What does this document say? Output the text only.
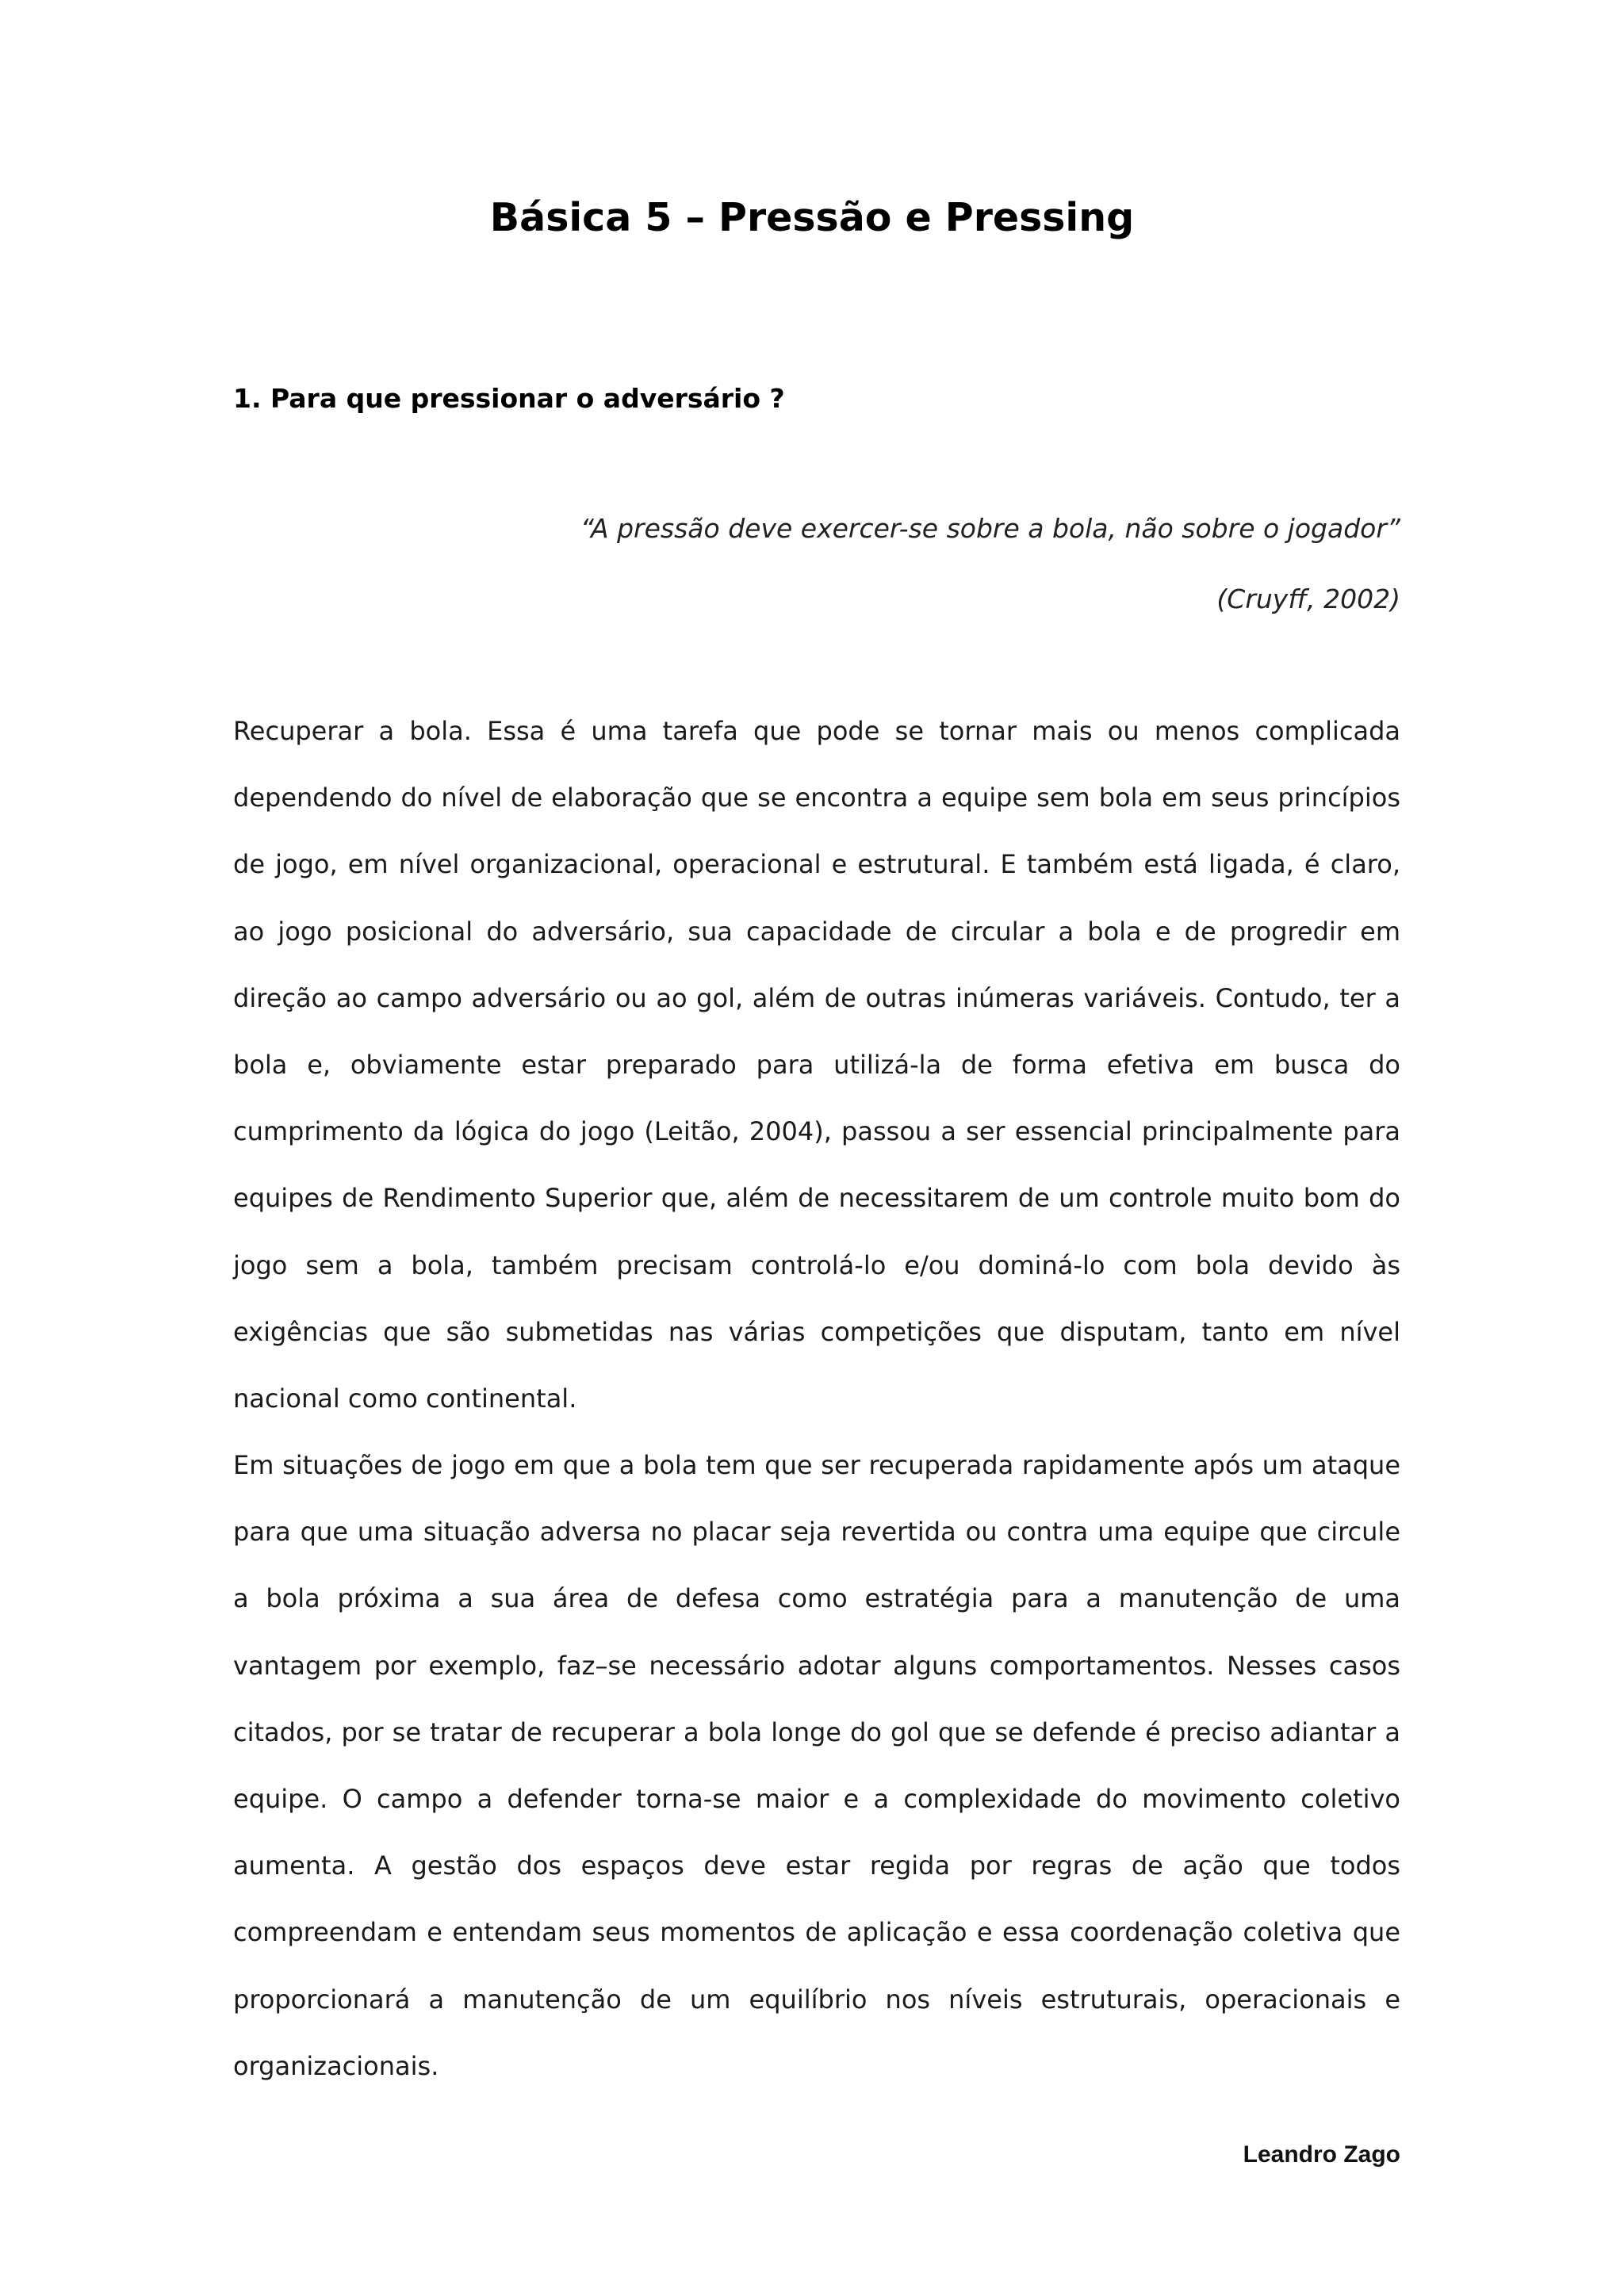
Básica 5 – Pressão e Pressing
1. Para que pressionar o adversário ?

“A pressão deve exercer-se sobre a bola, não sobre o jogador”

(Cruyff, 2002)

Recuperar a bola. Essa é uma tarefa que pode se tornar mais ou menos complicada dependendo do nível de elaboração que se encontra a equipe sem bola em seus princípios de jogo, em nível organizacional, operacional e estrutural. E também está ligada, é claro, ao jogo posicional do adversário, sua capacidade de circular a bola e de progredir em direção ao campo adversário ou ao gol, além de outras inúmeras variáveis. Contudo, ter a bola e, obviamente estar preparado para utilizá-la de forma efetiva em busca do cumprimento da lógica do jogo (Leitão, 2004), passou a ser essencial principalmente para equipes de Rendimento Superior que, além de necessitarem de um controle muito bom do jogo sem a bola, também precisam controlá-lo e/ou dominá-lo com bola devido às exigências que são submetidas nas várias competições que disputam, tanto em nível nacional como continental.

Em situações de jogo em que a bola tem que ser recuperada rapidamente após um ataque para que uma situação adversa no placar seja revertida ou contra uma equipe que circule a bola próxima a sua área de defesa como estratégia para a manutenção de uma vantagem por exemplo, faz–se necessário adotar alguns comportamentos. Nesses casos citados, por se tratar de recuperar a bola longe do gol que se defende é preciso adiantar a equipe. O campo a defender torna-se maior e a complexidade do movimento coletivo aumenta. A gestão dos espaços deve estar regida por regras de ação que todos compreendam e entendam seus momentos de aplicação e essa coordenação coletiva que proporcionará a manutenção de um equilíbrio nos níveis estruturais, operacionais e organizacionais.

Leandro Zago
